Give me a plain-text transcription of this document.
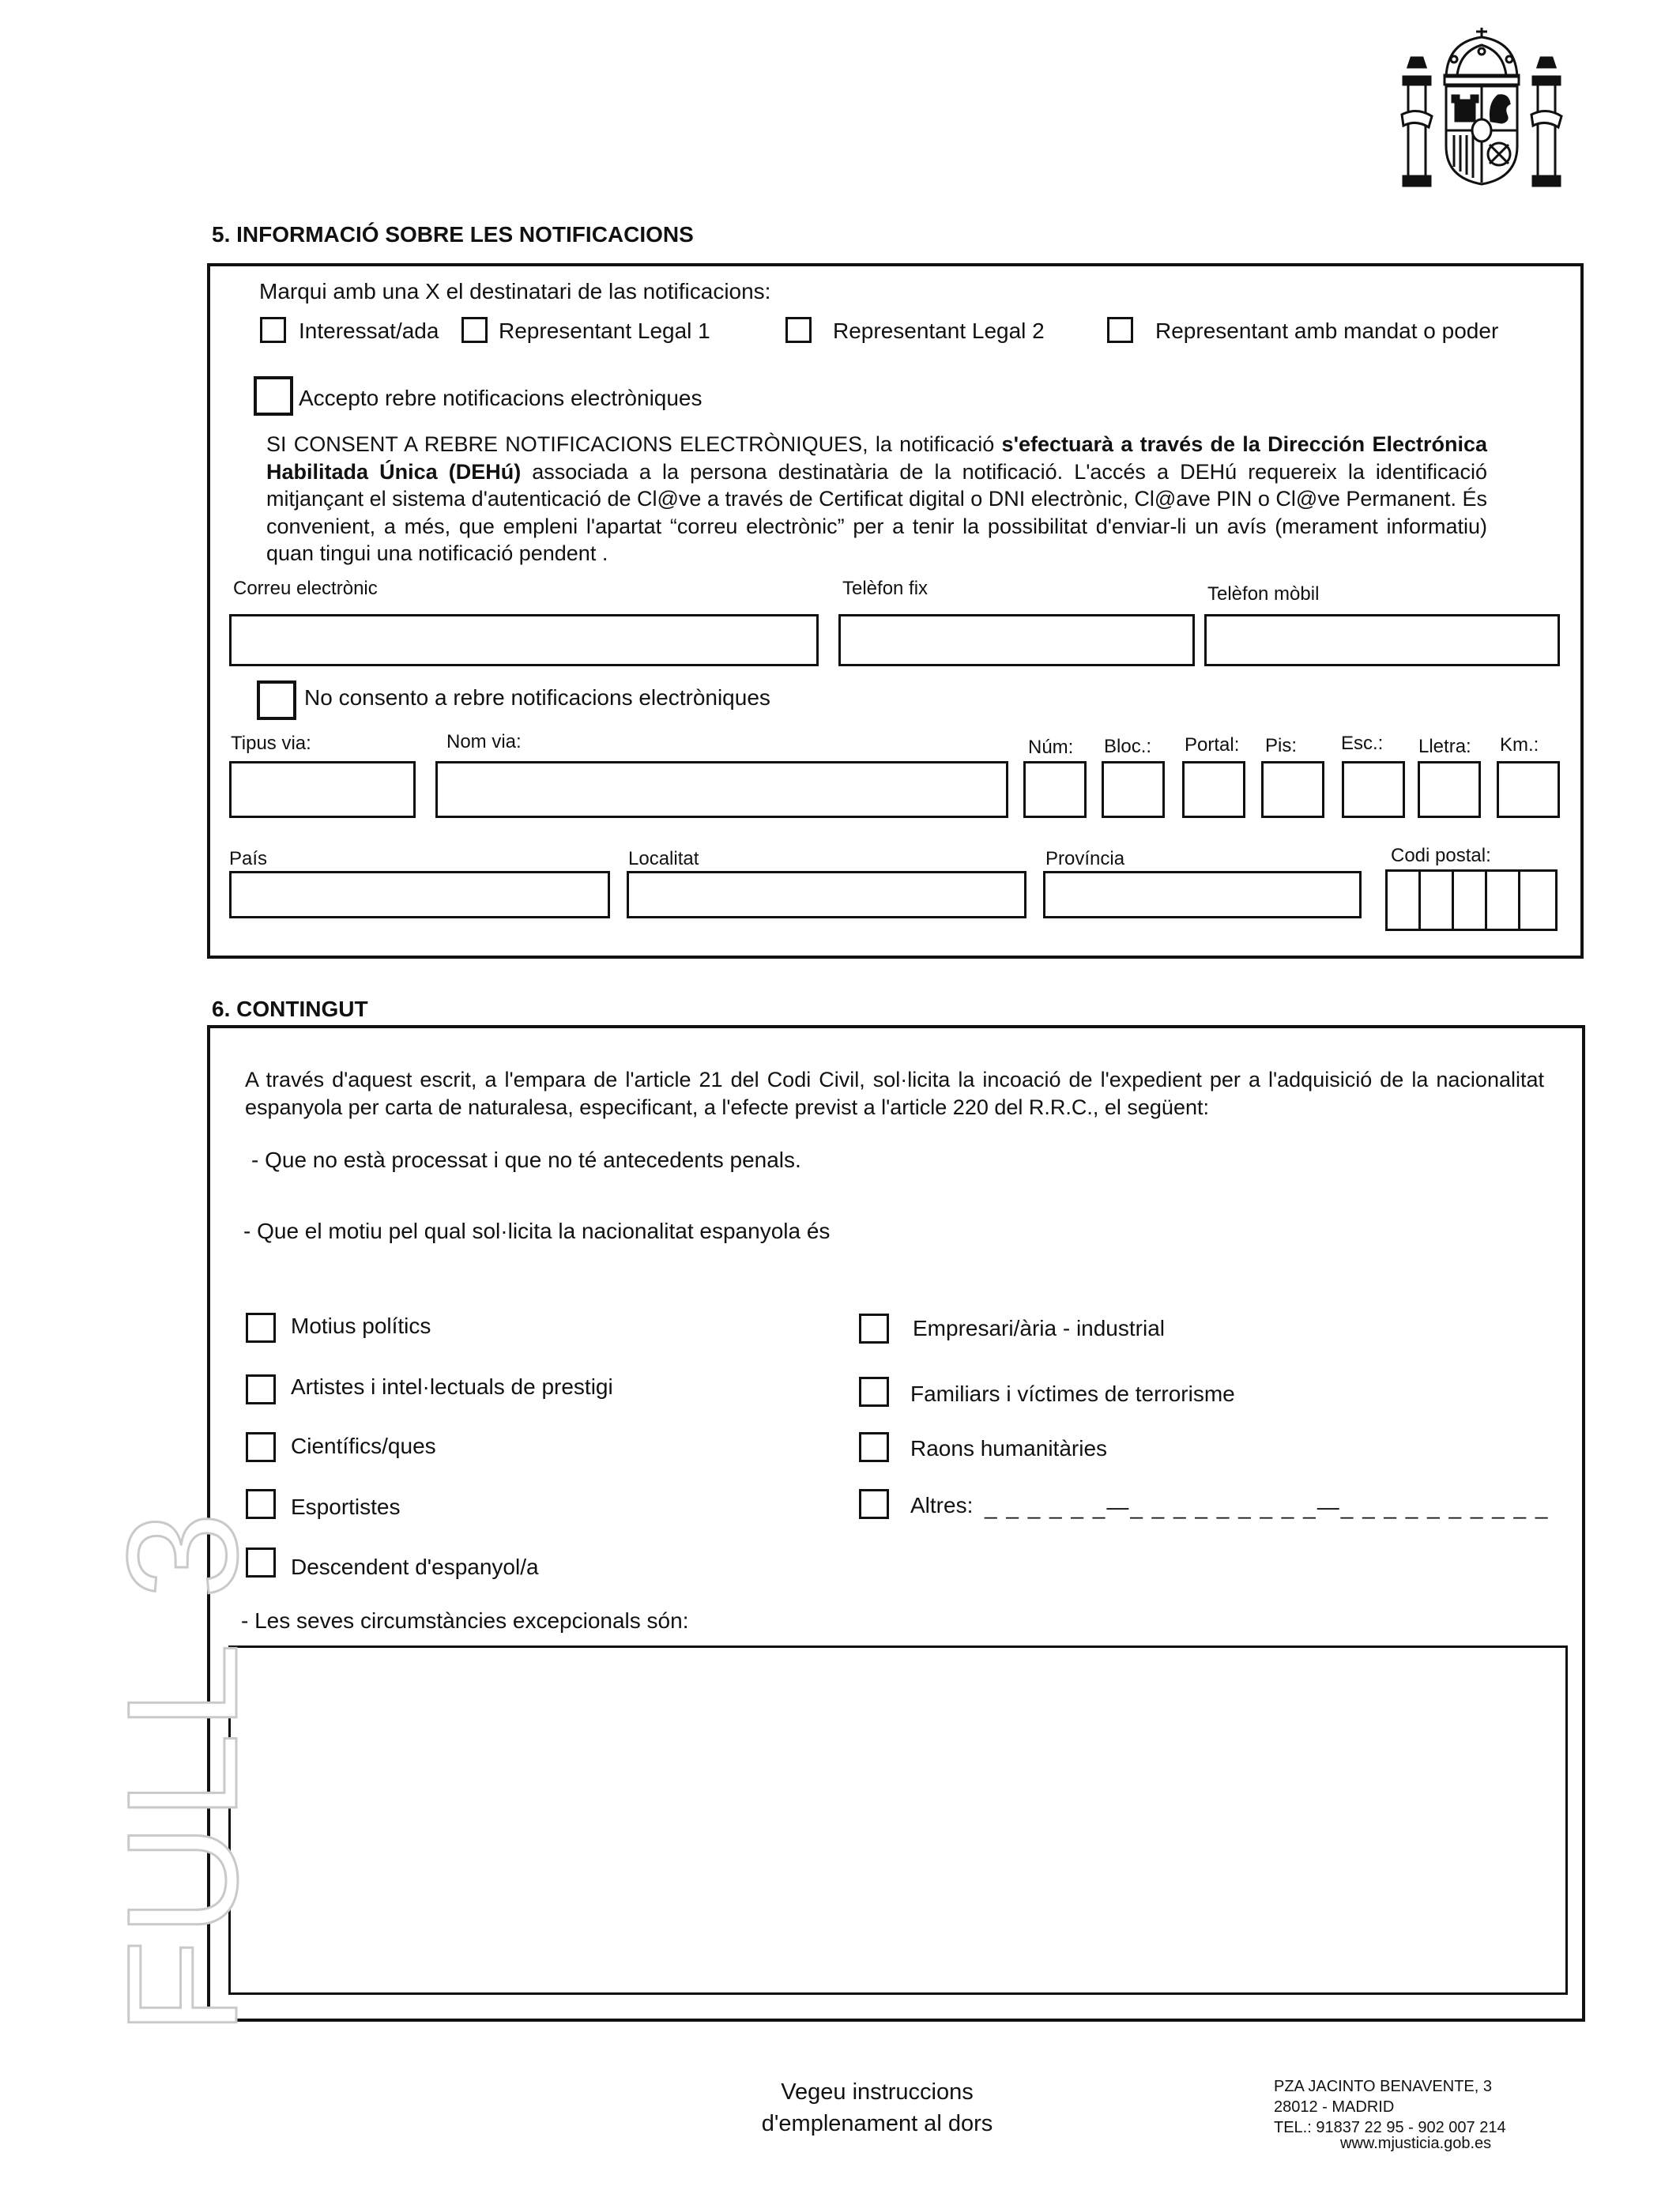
5. INFORMACIÓ SOBRE LES NOTIFICACIONS
Marqui amb una X el destinatari de las notificacions:
Interessat/ada	Representant Legal 1	Representant Legal 2	Representant amb mandat o poder
Accepto rebre notificacions electròniques
SI CONSENT A REBRE NOTIFICACIONS ELECTRÒNIQUES, la notificació s'efectuarà a través de la Dirección Electrónica Habilitada Única (DEHú) associada a la persona destinatària de la notificació. L'accés a DEHú requereix la identificació mitjançant el sistema d'autenticació de Cl@ve a través de Certificat digital o DNI electrònic, Cl@ave PIN o Cl@ve Permanent. És convenient, a més, que empleni l'apartat “correu electrònic” per a tenir la possibilitat d'enviar-li un avís (merament informatiu) quan tingui una notificació pendent .
Correu electrònic	Telèfon fix	Telèfon mòbil
No consento a rebre notificacions electròniques
Tipus via:	Nom via:	Núm: Bloc.: Portal: Pis: Esc.: Lletra: Km.:
País	Localitat	Província	Codi postal:
6. CONTINGUT
A través d'aquest escrit, a l'empara de l'article 21 del Codi Civil, sol·licita la incoació de l'expedient per a l'adquisició de la nacionalitat espanyola per carta de naturalesa, especificant, a l'efecte previst a l'article 220 del R.R.C., el següent:
- Que no està processat i que no té antecedents penals.
- Que el motiu pel qual sol·licita la nacionalitat espanyola és
Motius polítics
Artistes i intel·lectuals de prestigi
Científics/ques
Esportistes
Descendent d'espanyol/a
Empresari/ària - industrial
Familiars i víctimes de terrorisme
Raons humanitàries
Altres: _ _ _ _ _ _—_ _ _ _ _ _ _ _ _—_ _ _ _ _ _ _ _ _ _
- Les seves circumstàncies excepcionals són:
FULL 3
Vegeu instruccions
d'emplenament al dors
PZA JACINTO BENAVENTE, 3
28012 - MADRID
TEL.: 91837 22 95 - 902 007 214
www.mjusticia.gob.es
